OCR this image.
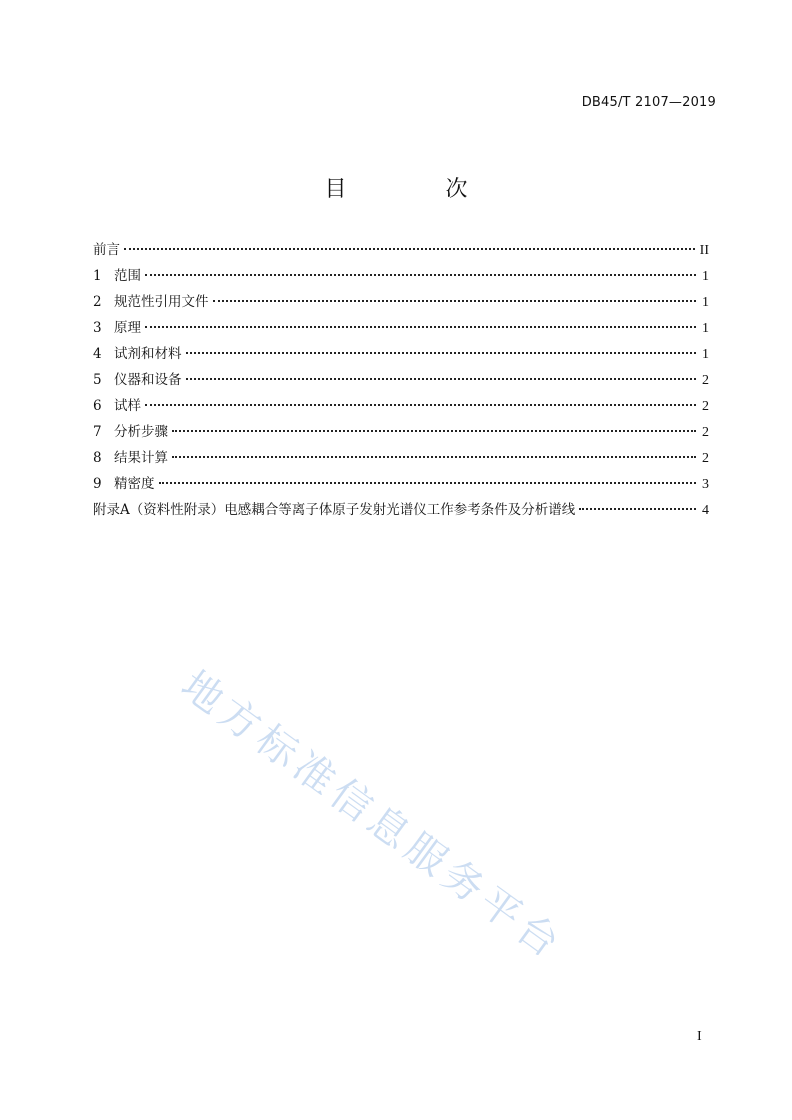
DB45/T 2107—2019
目 次
前言	II
1 范围	1
2 规范性引用文件	1
3 原理	1
4 试剂和材料	1
5 仪器和设备	2
6 试样	2
7 分析步骤	2
8 结果计算	2
9 精密度	3
附录A（资料性附录）电感耦合等离子体原子发射光谱仪工作参考条件及分析谱线	4
地方标准信息服务平台
I
